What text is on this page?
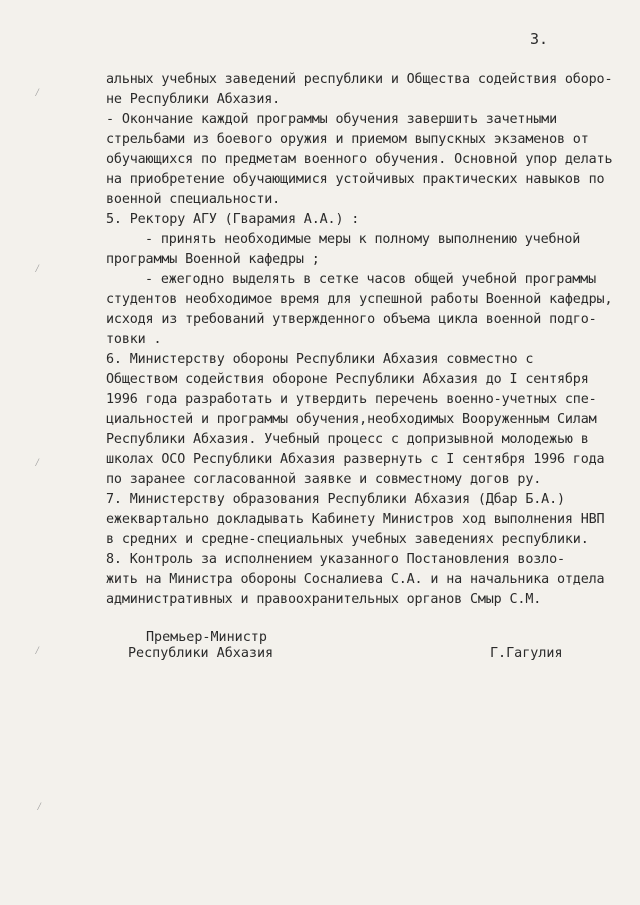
3.
альных учебных заведений республики и Общества содействия оборо-
не Республики Абхазия.
- Окончание каждой программы обучения завершить зачетными
стрельбами из боевого оружия и приемом выпускных экзаменов от
обучающихся по предметам военного обучения. Основной упор делать
на приобретение обучающимися устойчивых практических навыков по
военной специальности.
5. Ректору АГУ (Гварамия А.А.) :
- принять необходимые меры к полному выполнению учебной
программы Военной кафедры ;
- ежегодно выделять в сетке часов общей учебной программы
студентов необходимое время для успешной работы Военной кафедры,
исходя из требований утвержденного объема цикла военной подго-
товки .
6. Министерству обороны Республики Абхазия совместно с
Обществом содействия обороне Республики Абхазия до I сентября
1996 года разработать и утвердить перечень военно-учетных спе-
циальностей и программы обучения,необходимых Вооруженным Силам
Республики Абхазия. Учебный процесс с допризывной молодежью в
школах ОСО Республики Абхазия развернуть с I сентября 1996 года
по заранее согласованной заявке и совместному догов ру.
7. Министерству образования Республики Абхазия (Дбар Б.А.)
ежеквартально докладывать Кабинету Министров ход выполнения НВП
в средних и средне-специальных учебных заведениях республики.
8. Контроль за исполнением указанного Постановления возло-
жить на Министра обороны Сосналиева С.А. и на начальника отдела
административных и правоохранительных органов Смыр С.М.
Премьер-Министр
Республики Абхазия	Г.Гагулия
⁄
⁄
⁄
⁄
⁄
